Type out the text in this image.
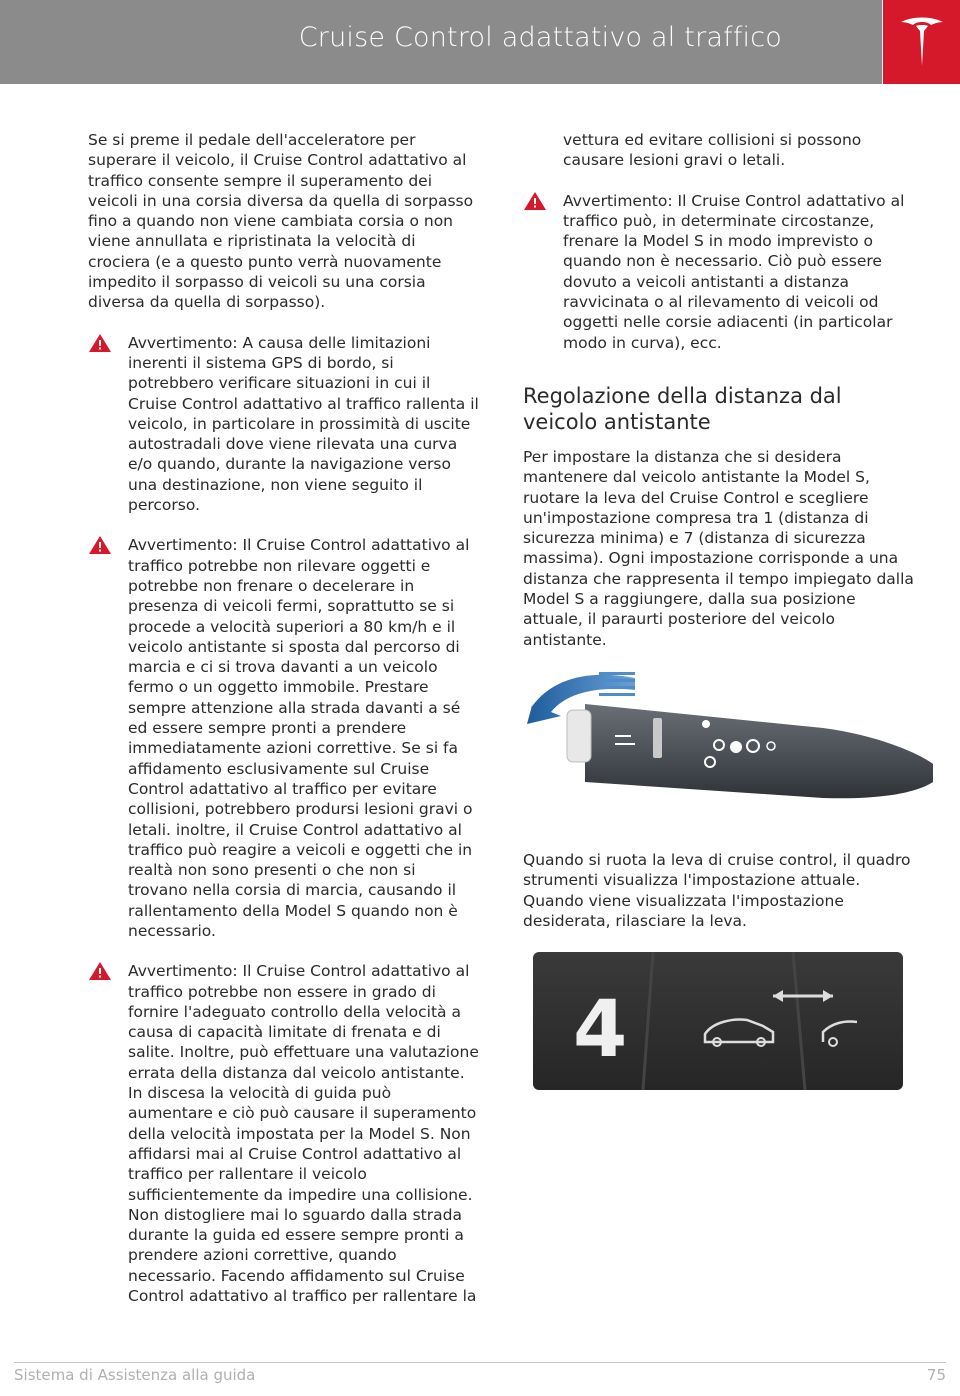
Cruise Control adattativo al traffico

Se si preme il pedale dell'acceleratore per superare il veicolo, il Cruise Control adattativo al traffico consente sempre il superamento dei veicoli in una corsia diversa da quella di sorpasso fino a quando non viene cambiata corsia o non viene annullata e ripristinata la velocità di crociera (e a questo punto verrà nuovamente impedito il sorpasso di veicoli su una corsia diversa da quella di sorpasso).

Avvertimento: A causa delle limitazioni inerenti il sistema GPS di bordo, si potrebbero verificare situazioni in cui il Cruise Control adattativo al traffico rallenta il veicolo, in particolare in prossimità di uscite autostradali dove viene rilevata una curva e/o quando, durante la navigazione verso una destinazione, non viene seguito il percorso.

Avvertimento: Il Cruise Control adattativo al traffico potrebbe non rilevare oggetti e potrebbe non frenare o decelerare in presenza di veicoli fermi, soprattutto se si procede a velocità superiori a 80 km/h e il veicolo antistante si sposta dal percorso di marcia e ci si trova davanti a un veicolo fermo o un oggetto immobile. Prestare sempre attenzione alla strada davanti a sé ed essere sempre pronti a prendere immediatamente azioni correttive. Se si fa affidamento esclusivamente sul Cruise Control adattativo al traffico per evitare collisioni, potrebbero prodursi lesioni gravi o letali. inoltre, il Cruise Control adattativo al traffico può reagire a veicoli e oggetti che in realtà non sono presenti o che non si trovano nella corsia di marcia, causando il rallentamento della Model S quando non è necessario.

Avvertimento: Il Cruise Control adattativo al traffico potrebbe non essere in grado di fornire l'adeguato controllo della velocità a causa di capacità limitate di frenata e di salite. Inoltre, può effettuare una valutazione errata della distanza dal veicolo antistante. In discesa la velocità di guida può aumentare e ciò può causare il superamento della velocità impostata per la Model S. Non affidarsi mai al Cruise Control adattativo al traffico per rallentare il veicolo sufficientemente da impedire una collisione. Non distogliere mai lo sguardo dalla strada durante la guida ed essere sempre pronti a prendere azioni correttive, quando necessario. Facendo affidamento sul Cruise Control adattativo al traffico per rallentare la

vettura ed evitare collisioni si possono causare lesioni gravi o letali.

Avvertimento: Il Cruise Control adattativo al traffico può, in determinate circostanze, frenare la Model S in modo imprevisto o quando non è necessario. Ciò può essere dovuto a veicoli antistanti a distanza ravvicinata o al rilevamento di veicoli od oggetti nelle corsie adiacenti (in particolar modo in curva), ecc.

Regolazione della distanza dal veicolo antistante

Per impostare la distanza che si desidera mantenere dal veicolo antistante la Model S, ruotare la leva del Cruise Control e scegliere un'impostazione compresa tra 1 (distanza di sicurezza minima) e 7 (distanza di sicurezza massima). Ogni impostazione corrisponde a una distanza che rappresenta il tempo impiegato dalla Model S a raggiungere, dalla sua posizione attuale, il paraurti posteriore del veicolo antistante.

Quando si ruota la leva di cruise control, il quadro strumenti visualizza l'impostazione attuale. Quando viene visualizzata l'impostazione desiderata, rilasciare la leva.

4
Sistema di Assistenza alla guida	75
